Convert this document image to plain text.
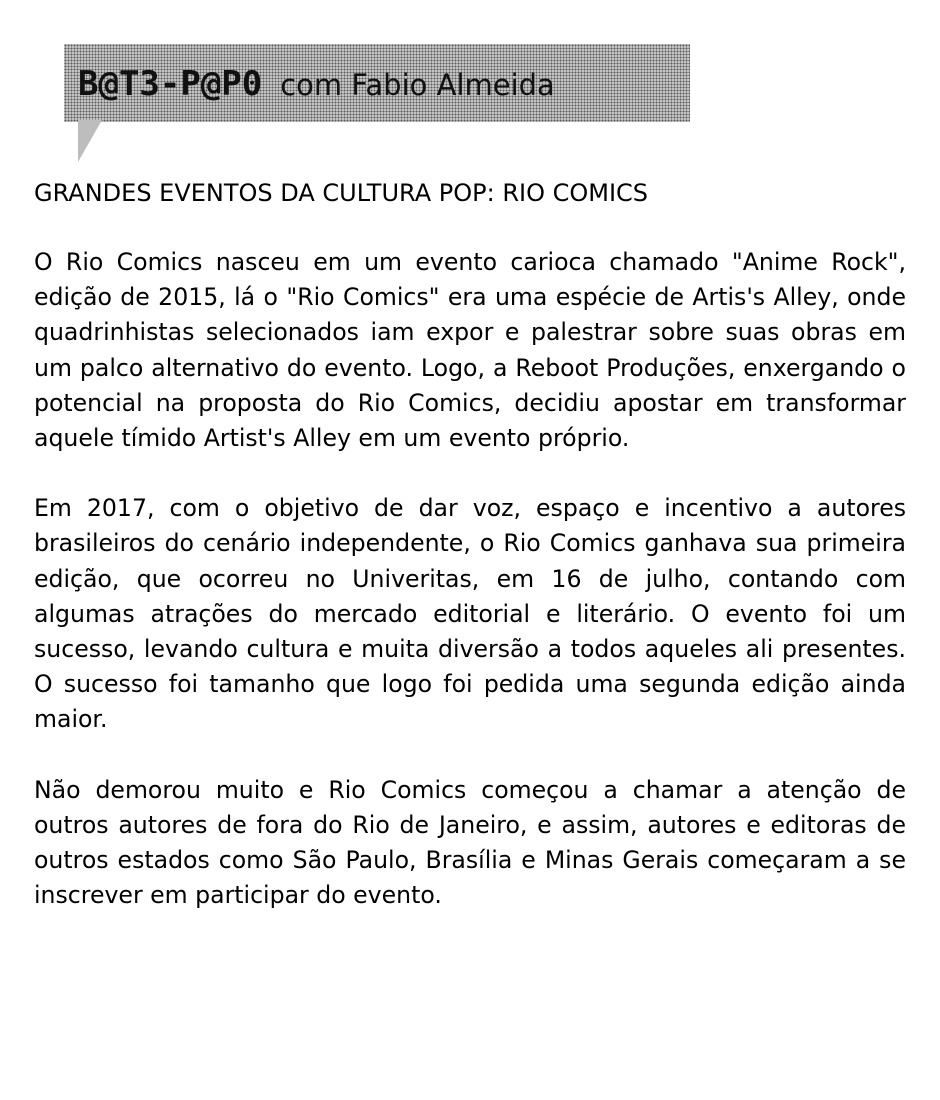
B@T3-P@P0 com Fabio Almeida
GRANDES EVENTOS DA CULTURA POP: RIO COMICS

O Rio Comics nasceu em um evento carioca chamado "Anime Rock", edição de 2015, lá o "Rio Comics" era uma espécie de Artis's Alley, onde quadrinhistas selecionados iam expor e palestrar sobre suas obras em um palco alternativo do evento. Logo, a Reboot Produções, enxergando o potencial na proposta do Rio Comics, decidiu apostar em transformar aquele tímido Artist's Alley em um evento próprio.

Em 2017, com o objetivo de dar voz, espaço e incentivo a autores brasileiros do cenário independente, o Rio Comics ganhava sua primeira edição, que ocorreu no Univeritas, em 16 de julho, contando com algumas atrações do mercado editorial e literário. O evento foi um sucesso, levando cultura e muita diversão a todos aqueles ali presentes. O sucesso foi tamanho que logo foi pedida uma segunda edição ainda maior.

Não demorou muito e Rio Comics começou a chamar a atenção de outros autores de fora do Rio de Janeiro, e assim, autores e editoras de outros estados como São Paulo, Brasília e Minas Gerais começaram a se inscrever em participar do evento.
